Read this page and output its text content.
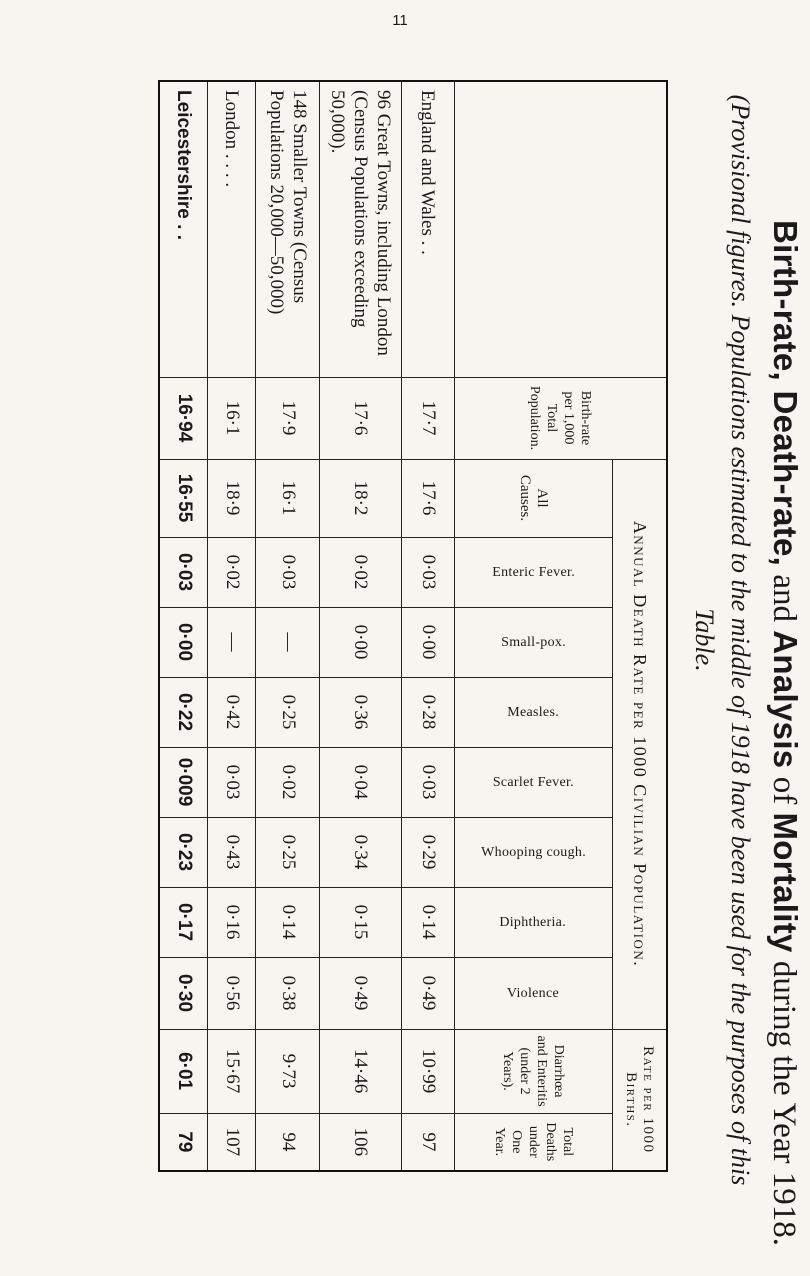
11
Birth-rate, Death-rate, and Analysis of Mortality during the Year 1918.
(Provisional figures. Populations estimated to the middle of 1918 have been used for the purposes of this Table.
	Birth-rate per 1,000 Total Population.	Annual Death Rate per 1000 Civilian Population.								Rate per 1000 Births.	
		All Causes.	Enteric Fever.	Small-pox.	Measles.	Scarlet Fever.	Whooping cough.	Diphtheria.	Violence	Diarrhœa and Enteritis (under 2 Years).	Total Deaths under One Year.
England and Wales . .	17·7	17·6	0·03	0·00	0·28	0·03	0·29	0·14	0·49	10·99	97
96 Great Towns, including London (Census Populations exceeding 50,000).	17·6	18·2	0·02	0·00	0·36	0·04	0·34	0·15	0·49	14·46	106
148 Smaller Towns (Census Populations 20,000—50,000)	17·9	16·1	0·03	—	0·25	0·02	0·25	0·14	0·38	9·73	94
London . . . .	16·1	18·9	0·02	—	0·42	0·03	0·43	0·16	0·56	15·67	107
Leicestershire . .	16·94	16·55	0·03	0·00	0·22	0·009	0·23	0·17	0·30	6·01	79
